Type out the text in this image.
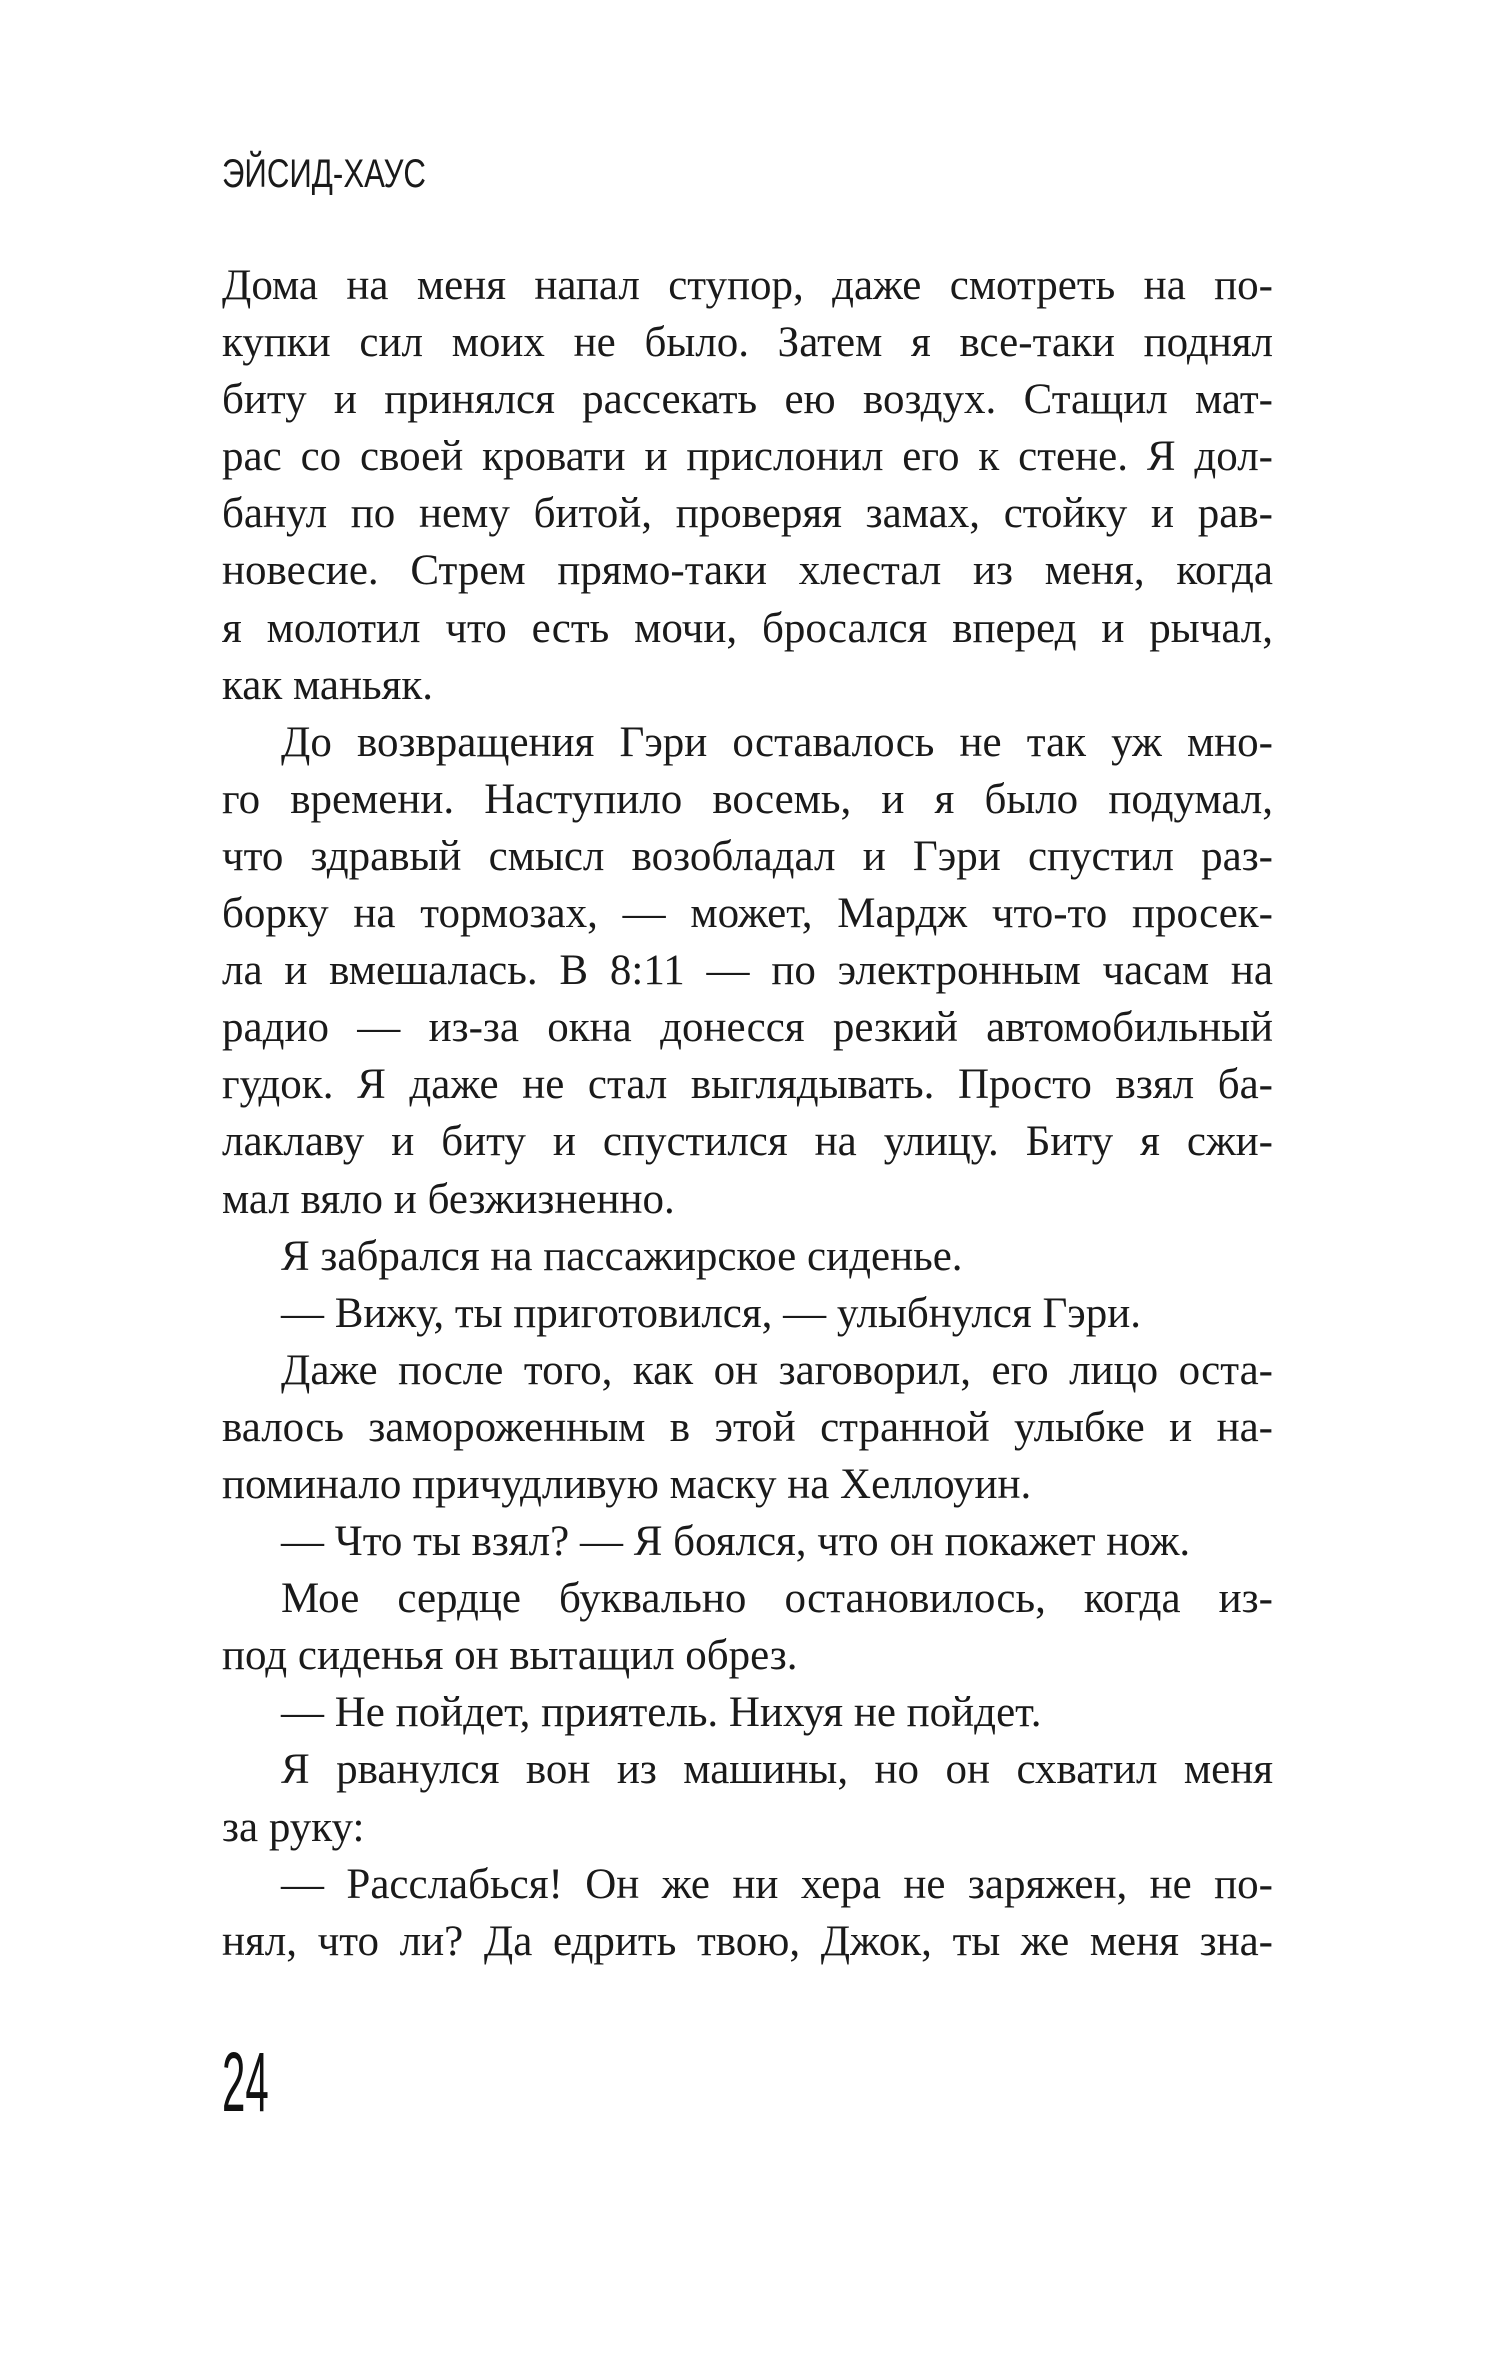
ЭЙСИД-ХАУС
Дома на меня напал ступор, даже смотреть на по-
купки сил моих не было. Затем я все-таки поднял
биту и принялся рассекать ею воздух. Стащил мат-
рас со своей кровати и прислонил его к стене. Я дол-
банул по нему битой, проверяя замах, стойку и рав-
новесие. Стрем прямо-таки хлестал из меня, когда
я молотил что есть мочи, бросался вперед и рычал,
как маньяк.
До возвращения Гэри оставалось не так уж мно-
го времени. Наступило восемь, и я было подумал,
что здравый смысл возобладал и Гэри спустил раз-
борку на тормозах, — может, Мардж что-то просек-
ла и вмешалась. В 8:11 — по электронным часам на
радио — из-за окна донесся резкий автомобильный
гудок. Я даже не стал выглядывать. Просто взял ба-
лаклаву и биту и спустился на улицу. Биту я сжи-
мал вяло и безжизненно.
Я забрался на пассажирское сиденье.
— Вижу, ты приготовился, — улыбнулся Гэри.
Даже после того, как он заговорил, его лицо оста-
валось замороженным в этой странной улыбке и на-
поминало причудливую маску на Хеллоуин.
— Что ты взял? — Я боялся, что он покажет нож.
Мое сердце буквально остановилось, когда из-
под сиденья он вытащил обрез.
— Не пойдет, приятель. Нихуя не пойдет.
Я рванулся вон из машины, но он схватил меня
за руку:
— Расслабься! Он же ни хера не заряжен, не по-
нял, что ли? Да едрить твою, Джок, ты же меня зна-
24
